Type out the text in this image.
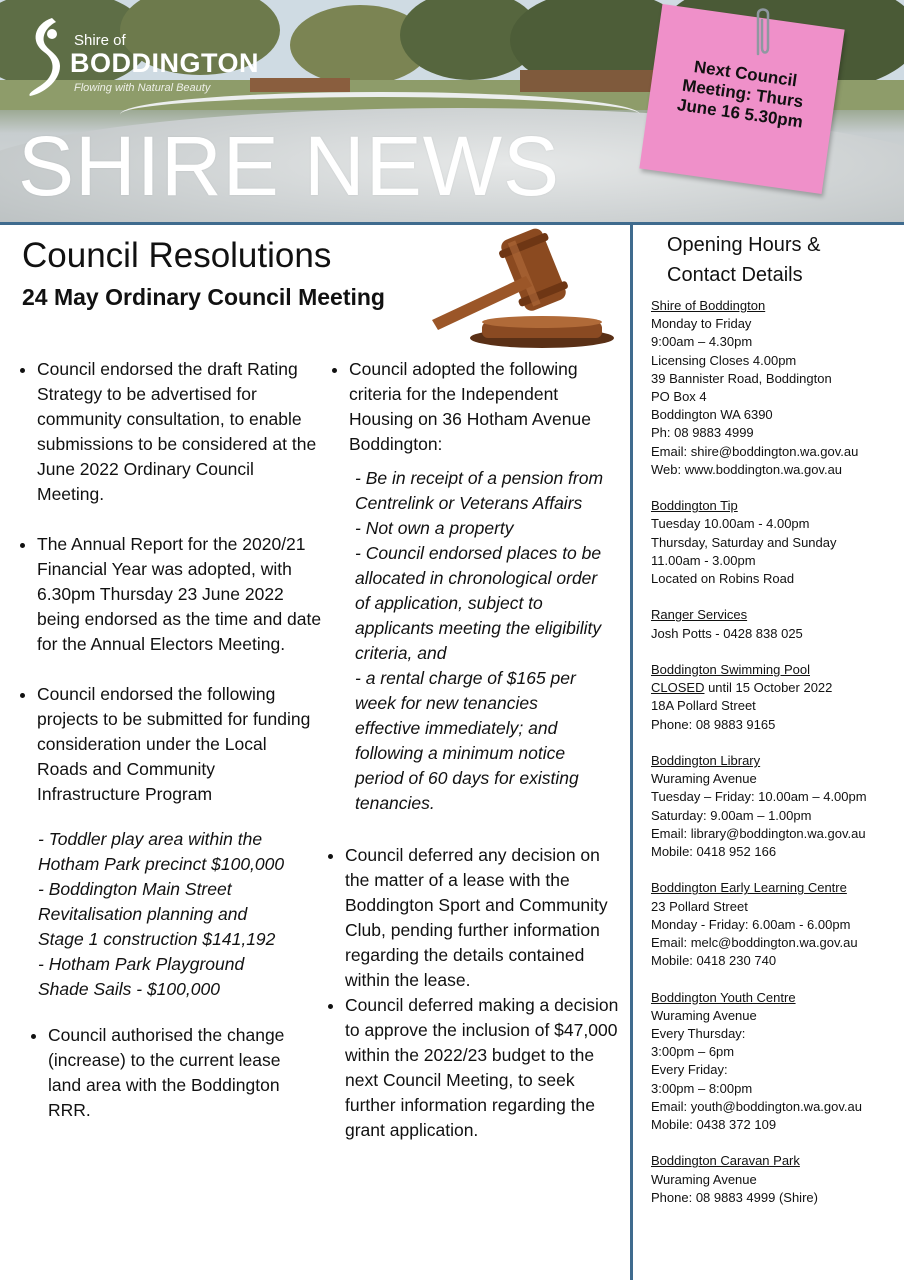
Shire of
BODDINGTON
Flowing with Natural Beauty
SHIRE NEWS
Next Council Meeting: Thurs June 16 5.30pm
Council Resolutions
24 May Ordinary Council Meeting
• Council endorsed the draft Rating Strategy to be advertised for community consultation, to enable submissions to be considered at the June 2022 Ordinary Council Meeting.
• The Annual Report for the 2020/21 Financial Year was adopted, with 6.30pm Thursday 23 June 2022 being endorsed as the time and date for the Annual Electors Meeting.
• Council endorsed the following projects to be submitted for funding consideration under the Local Roads and Community Infrastructure Program
- Toddler play area within the Hotham Park precinct $100,000
- Boddington Main Street Revitalisation planning and Stage 1 construction $141,192
- Hotham Park Playground Shade Sails - $100,000
• Council authorised the change (increase) to the current lease land area with the Boddington RRR.
• Council adopted the following criteria for the Independent Housing on 36 Hotham Avenue Boddington:
- Be in receipt of a pension from Centrelink or Veterans Affairs
- Not own a property
- Council endorsed places to be allocated in chronological order of application, subject to applicants meeting the eligibility criteria, and
- a rental charge of $165 per week for new tenancies effective immediately; and following a minimum notice period of 60 days for existing tenancies.
• Council deferred any decision on the matter of a lease with the Boddington Sport and Community Club, pending further information regarding the details contained within the lease.
• Council deferred making a decision to approve the inclusion of $47,000 within the 2022/23 budget to the next Council Meeting, to seek further information regarding the grant application.
Opening Hours &
Contact Details
Shire of Boddington
Monday to Friday
9:00am – 4.30pm
Licensing Closes 4.00pm
39 Bannister Road, Boddington
PO Box 4
Boddington WA 6390
Ph: 08 9883 4999
Email: shire@boddington.wa.gov.au
Web: www.boddington.wa.gov.au
Boddington Tip
Tuesday 10.00am - 4.00pm
Thursday, Saturday and Sunday
11.00am - 3.00pm
Located on Robins Road
Ranger Services
Josh Potts - 0428 838 025
Boddington Swimming Pool
CLOSED until 15 October 2022
18A Pollard Street
Phone: 08 9883 9165
Boddington Library
Wuraming Avenue
Tuesday – Friday: 10.00am – 4.00pm
Saturday: 9.00am – 1.00pm
Email: library@boddington.wa.gov.au
Mobile: 0418 952 166
Boddington Early Learning Centre
23 Pollard Street
Monday - Friday: 6.00am - 6.00pm
Email: melc@boddington.wa.gov.au
Mobile: 0418 230 740
Boddington Youth Centre
Wuraming Avenue
Every Thursday:
3:00pm – 6pm
Every Friday:
3:00pm – 8:00pm
Email: youth@boddington.wa.gov.au
Mobile: 0438 372 109
Boddington Caravan Park
Wuraming Avenue
Phone: 08 9883 4999 (Shire)
